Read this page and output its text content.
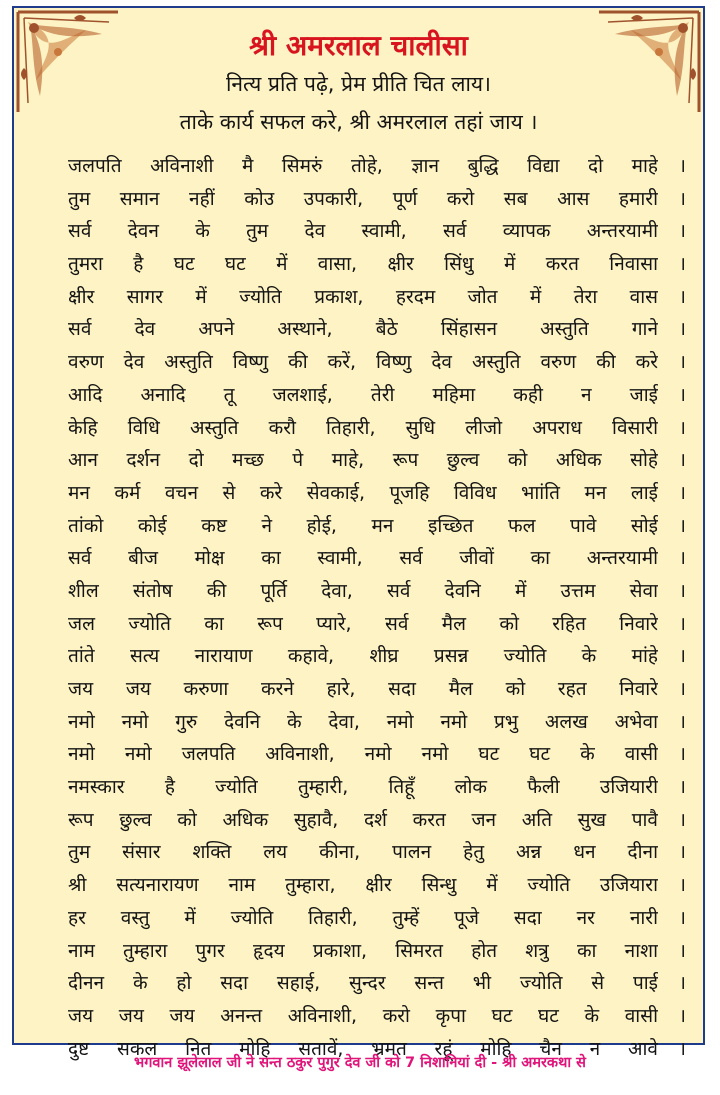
श्री अमरलाल चालीसा
नित्य प्रति पढ़े, प्रेम प्रीति चित लाय।
ताके कार्य सफल करे, श्री अमरलाल तहां जाय ।
जलपति अविनाशी मै सिमरुं तोहे, ज्ञान बुद्धि विद्या दो माहे ।
तुम समान नहीं कोउ उपकारी, पूर्ण करो सब आस हमारी ।
सर्व देवन के तुम देव स्वामी, सर्व व्यापक अन्तरयामी ।
तुमरा है घट घट में वासा, क्षीर सिंधु में करत निवासा ।
क्षीर सागर में ज्योति प्रकाश, हरदम जोत में तेरा वास ।
सर्व देव अपने अस्थाने, बैठे सिंहासन अस्तुति गाने ।
वरुण देव अस्तुति विष्णु की करें, विष्णु देव अस्तुति वरुण की करे ।
आदि अनादि तू जलशाई, तेरी महिमा कही न जाई ।
केहि विधि अस्तुति करौ तिहारी, सुधि लीजो अपराध विसारी ।
आन दर्शन दो मच्छ पे माहे, रूप छुल्व को अधिक सोहे ।
मन कर्म वचन से करे सेवकाई, पूजहि विविध भाांति मन लाई ।
तांको कोई कष्ट ने होई, मन इच्छित फल पावे सोई ।
सर्व बीज मोक्ष का स्वामी, सर्व जीवों का अन्तरयामी ।
शील संतोष की पूर्ति देवा, सर्व देवनि में उत्तम सेवा ।
जल ज्योति का रूप प्यारे, सर्व मैल को रहित निवारे ।
तांते सत्य नारायाण कहावे, शीघ्र प्रसन्न ज्योति के मांहे ।
जय जय करुणा करने हारे, सदा मैल को रहत निवारे ।
नमो नमो गुरु देवनि के देवा, नमो नमो प्रभु अलख अभेवा ।
नमो नमो जलपति अविनाशी, नमो नमो घट घट के वासी ।
नमस्कार है ज्योति तुम्हारी, तिहूँ लोक फैली उजियारी ।
रूप छुल्व को अधिक सुहावै, दर्श करत जन अति सुख पावै ।
तुम संसार शक्ति लय कीना, पालन हेतु अन्न धन दीना ।
श्री सत्यनारायण नाम तुम्हारा, क्षीर सिन्धु में ज्योति उजियारा ।
हर वस्तु में ज्योति तिहारी, तुम्हें पूजे सदा नर नारी ।
नाम तुम्हारा पुगर हृदय प्रकाशा, सिमरत होत शत्रु का नाशा ।
दीनन के हो सदा सहाई, सुन्दर सन्त भी ज्योति से पाई ।
जय जय जय अनन्त अविनाशी, करो कृपा घट घट के वासी ।
दुष्ट सकल नित मोहि सतावें, भ्रमत रहूं मोहि चैन न आवे ।
भगवान झूलेलाल जी ने सन्त ठकुर पुगुर देव जी को 7 निशानियां दी - श्री अमरकथा से
